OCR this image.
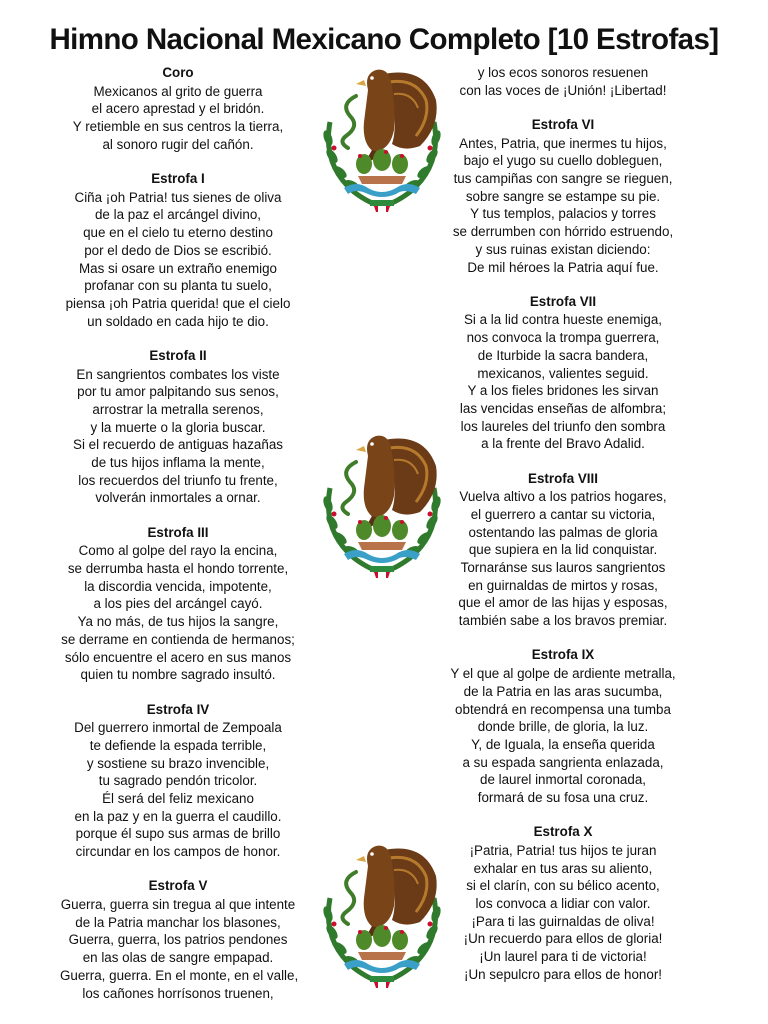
Himno Nacional Mexicano Completo [10 Estrofas]
Coro
Mexicanos al grito de guerra
el acero aprestad y el bridón.
Y retiemble en sus centros la tierra,
al sonoro rugir del cañón.
Estrofa I
Ciña ¡oh Patria! tus sienes de oliva
de la paz el arcángel divino,
que en el cielo tu eterno destino
por el dedo de Dios se escribió.
Mas si osare un extraño enemigo
profanar con su planta tu suelo,
piensa ¡oh Patria querida! que el cielo
un soldado en cada hijo te dio.
Estrofa II
En sangrientos combates los viste
por tu amor palpitando sus senos,
arrostrar la metralla serenos,
y la muerte o la gloria buscar.
Si el recuerdo de antiguas hazañas
de tus hijos inflama la mente,
los recuerdos del triunfo tu frente,
volverán inmortales a ornar.
Estrofa III
Como al golpe del rayo la encina,
se derrumba hasta el hondo torrente,
la discordia vencida, impotente,
a los pies del arcángel cayó.
Ya no más, de tus hijos la sangre,
se derrame en contienda de hermanos;
sólo encuentre el acero en sus manos
quien tu nombre sagrado insultó.
Estrofa IV
Del guerrero inmortal de Zempoala
te defiende la espada terrible,
y sostiene su brazo invencible,
tu sagrado pendón tricolor.
Él será del feliz mexicano
en la paz y en la guerra el caudillo.
porque él supo sus armas de brillo
circundar en los campos de honor.
Estrofa V
Guerra, guerra sin tregua al que intente
de la Patria manchar los blasones,
Guerra, guerra, los patrios pendones
en las olas de sangre empapad.
Guerra, guerra. En el monte, en el valle,
los cañones horrísonos truenen,
y los ecos sonoros resuenen
con las voces de ¡Unión! ¡Libertad!
Estrofa VI
Antes, Patria, que inermes tu hijos,
bajo el yugo su cuello dobleguen,
tus campiñas con sangre se rieguen,
sobre sangre se estampe su pie.
Y tus templos, palacios y torres
se derrumben con hórrido estruendo,
y sus ruinas existan diciendo:
De mil héroes la Patria aquí fue.
Estrofa VII
Si a la lid contra hueste enemiga,
nos convoca la trompa guerrera,
de Iturbide la sacra bandera,
mexicanos, valientes seguid.
Y a los fieles bridones les sirvan
las vencidas enseñas de alfombra;
los laureles del triunfo den sombra
a la frente del Bravo Adalid.
Estrofa VIII
Vuelva altivo a los patrios hogares,
el guerrero a cantar su victoria,
ostentando las palmas de gloria
que supiera en la lid conquistar.
Tornaránse sus lauros sangrientos
en guirnaldas de mirtos y rosas,
que el amor de las hijas y esposas,
también sabe a los bravos premiar.
Estrofa IX
Y el que al golpe de ardiente metralla,
de la Patria en las aras sucumba,
obtendrá en recompensa una tumba
donde brille, de gloria, la luz.
Y, de Iguala, la enseña querida
a su espada sangrienta enlazada,
de laurel inmortal coronada,
formará de su fosa una cruz.
Estrofa X
¡Patria, Patria! tus hijos te juran
exhalar en tus aras su aliento,
si el clarín, con su bélico acento,
los convoca a lidiar con valor.
¡Para ti las guirnaldas de oliva!
¡Un recuerdo para ellos de gloria!
¡Un laurel para ti de victoria!
¡Un sepulcro para ellos de honor!
